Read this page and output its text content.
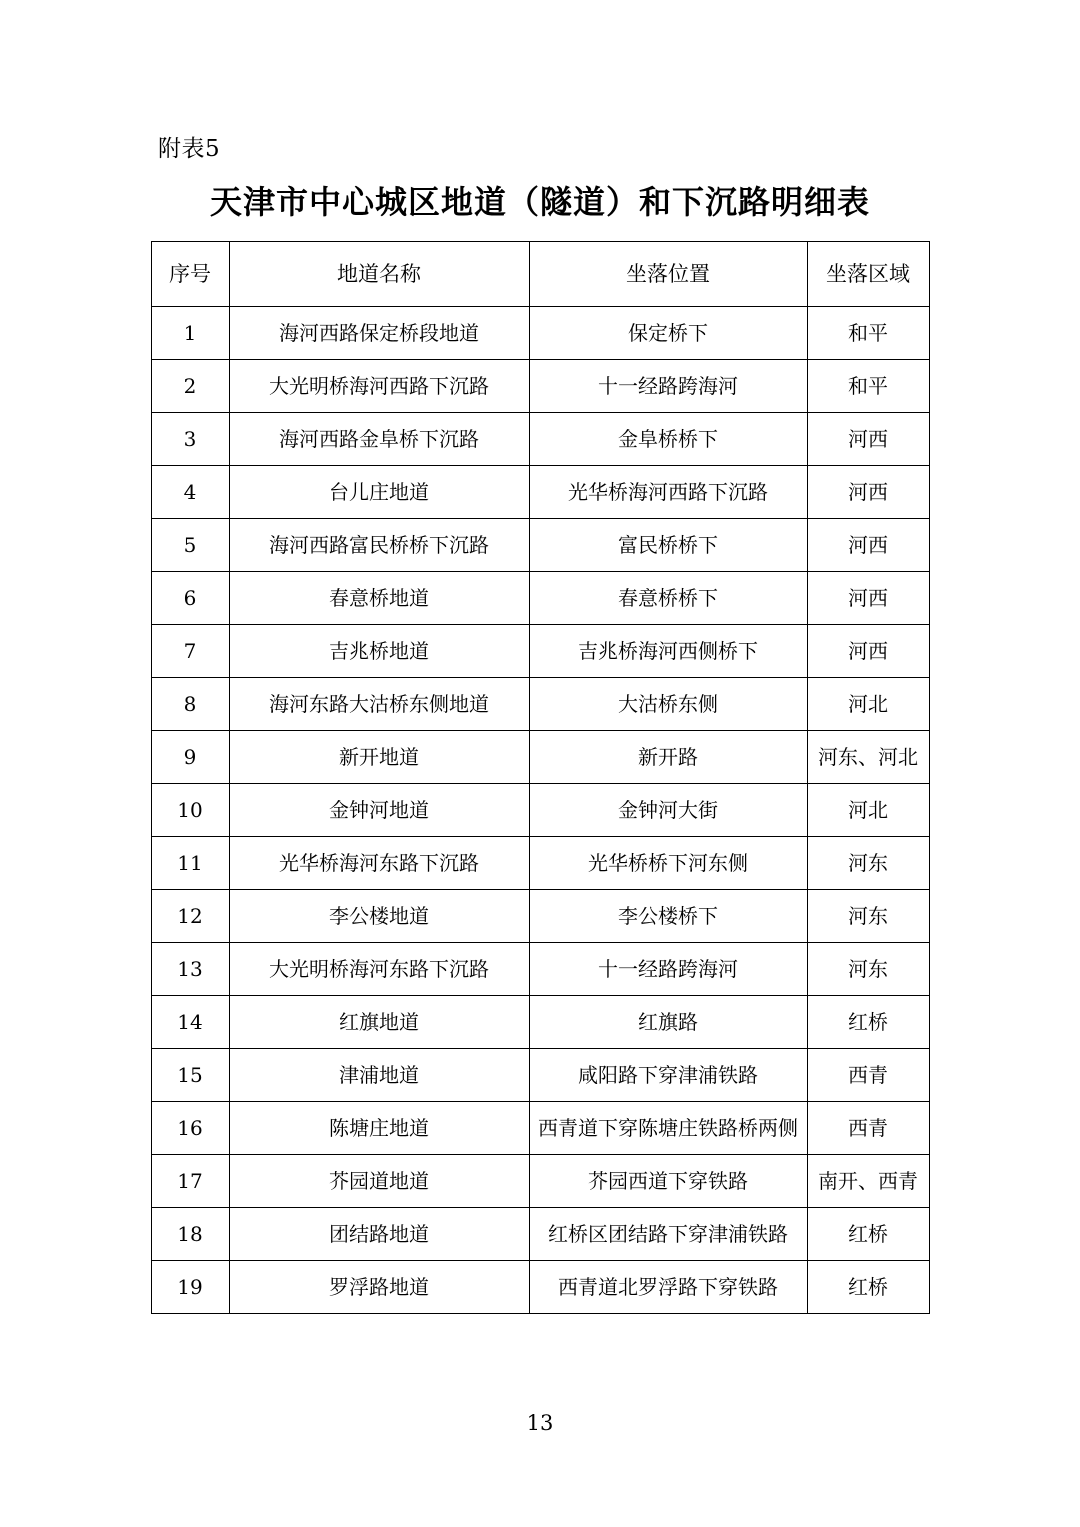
附表5
天津市中心城区地道（隧道）和下沉路明细表
序号	地道名称	坐落位置	坐落区域
1	海河西路保定桥段地道	保定桥下	和平
2	大光明桥海河西路下沉路	十一经路跨海河	和平
3	海河西路金阜桥下沉路	金阜桥桥下	河西
4	台儿庄地道	光华桥海河西路下沉路	河西
5	海河西路富民桥桥下沉路	富民桥桥下	河西
6	春意桥地道	春意桥桥下	河西
7	吉兆桥地道	吉兆桥海河西侧桥下	河西
8	海河东路大沽桥东侧地道	大沽桥东侧	河北
9	新开地道	新开路	河东、河北
10	金钟河地道	金钟河大街	河北
11	光华桥海河东路下沉路	光华桥桥下河东侧	河东
12	李公楼地道	李公楼桥下	河东
13	大光明桥海河东路下沉路	十一经路跨海河	河东
14	红旗地道	红旗路	红桥
15	津浦地道	咸阳路下穿津浦铁路	西青
16	陈塘庄地道	西青道下穿陈塘庄铁路桥两侧	西青
17	芥园道地道	芥园西道下穿铁路	南开、西青
18	团结路地道	红桥区团结路下穿津浦铁路	红桥
19	罗浮路地道	西青道北罗浮路下穿铁路	红桥
13
